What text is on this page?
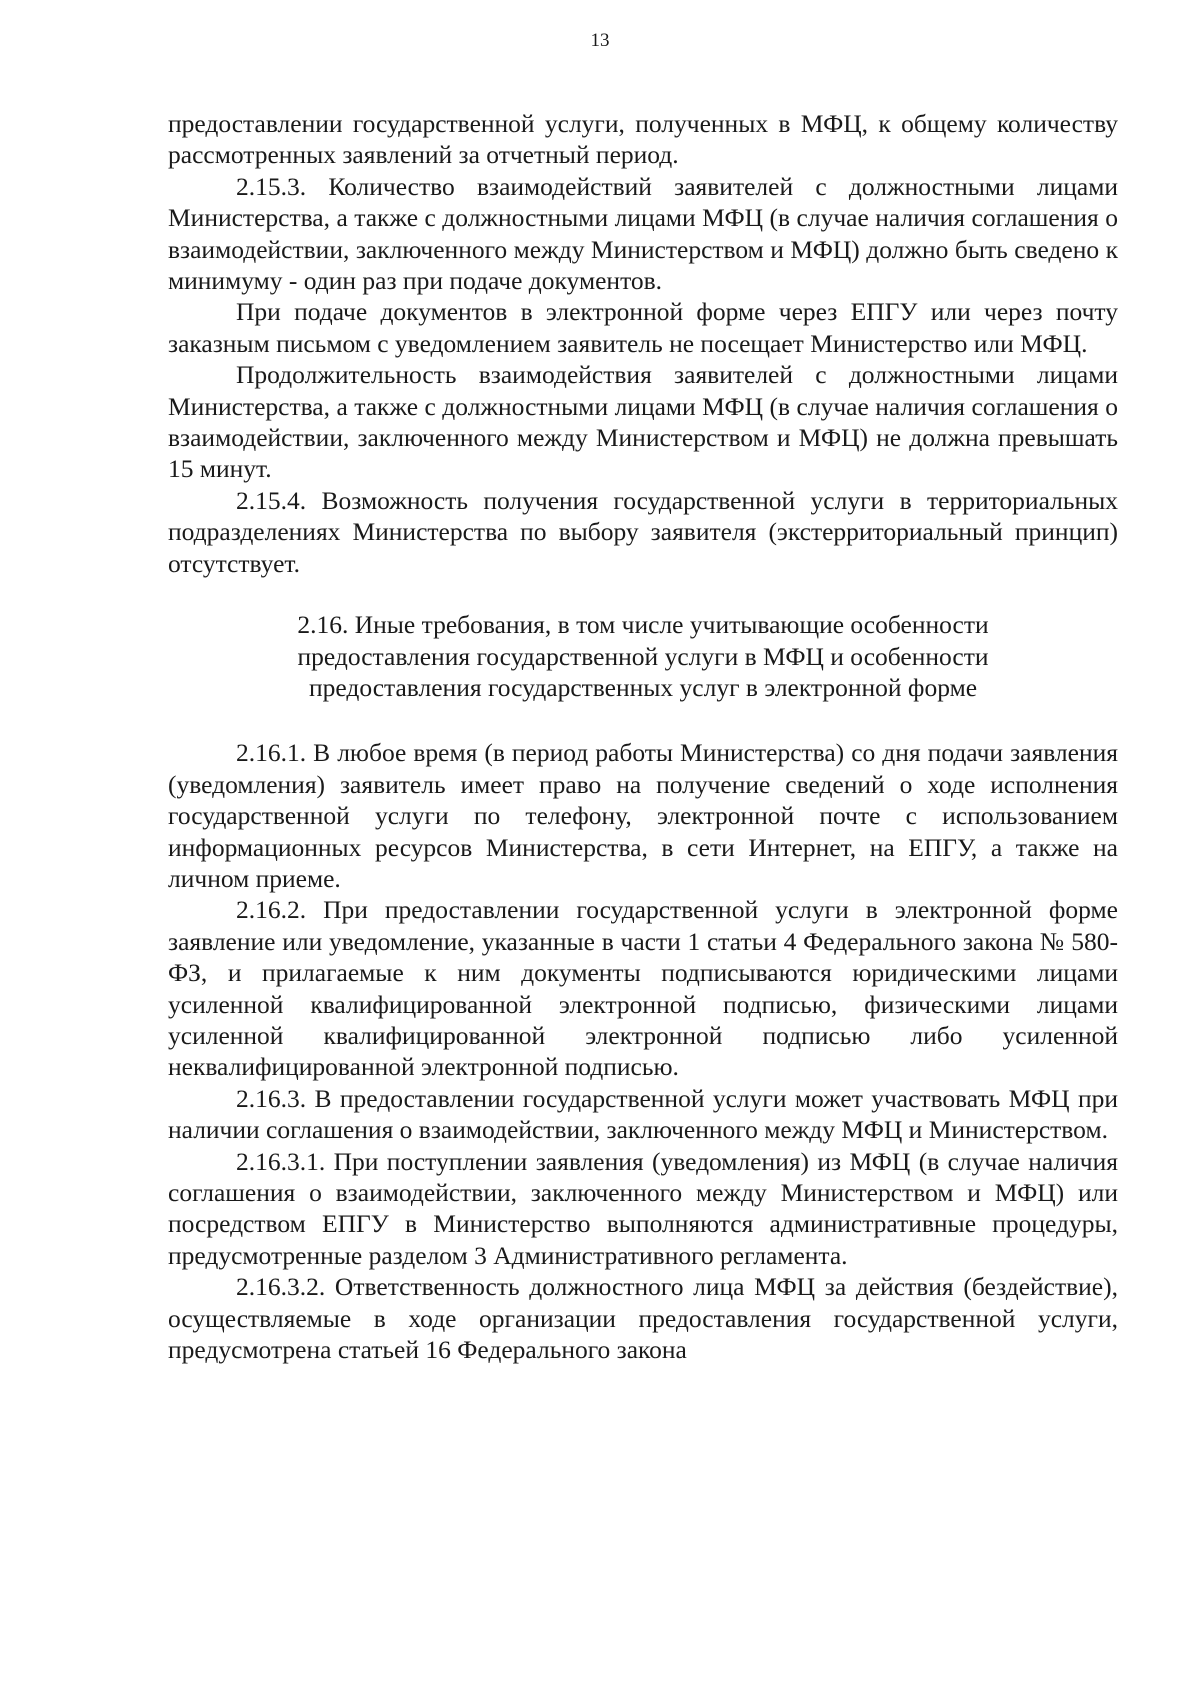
13

предоставлении государственной услуги, полученных в МФЦ, к общему количеству рассмотренных заявлений за отчетный период.

2.15.3. Количество взаимодействий заявителей с должностными лицами Министерства, а также с должностными лицами МФЦ (в случае наличия соглашения о взаимодействии, заключенного между Министерством и МФЦ) должно быть сведено к минимуму - один раз при подаче документов.

При подаче документов в электронной форме через ЕПГУ или через почту заказным письмом с уведомлением заявитель не посещает Министерство или МФЦ.

Продолжительность взаимодействия заявителей с должностными лицами Министерства, а также с должностными лицами МФЦ (в случае наличия соглашения о взаимодействии, заключенного между Министерством и МФЦ) не должна превышать 15 минут.

2.15.4. Возможность получения государственной услуги в территориальных подразделениях Министерства по выбору заявителя (экстерриториальный принцип) отсутствует.

2.16. Иные требования, в том числе учитывающие особенности
предоставления государственной услуги в МФЦ и особенности
предоставления государственных услуг в электронной форме

2.16.1. В любое время (в период работы Министерства) со дня подачи заявления (уведомления) заявитель имеет право на получение сведений о ходе исполнения государственной услуги по телефону, электронной почте с использованием информационных ресурсов Министерства, в сети Интернет, на ЕПГУ, а также на личном приеме.

2.16.2. При предоставлении государственной услуги в электронной форме заявление или уведомление, указанные в части 1 статьи 4 Федерального закона № 580-ФЗ, и прилагаемые к ним документы подписываются юридическими лицами усиленной квалифицированной электронной подписью, физическими лицами усиленной квалифицированной электронной подписью либо усиленной неквалифицированной электронной подписью.

2.16.3. В предоставлении государственной услуги может участвовать МФЦ при наличии соглашения о взаимодействии, заключенного между МФЦ и Министерством.

2.16.3.1. При поступлении заявления (уведомления) из МФЦ (в случае наличия соглашения о взаимодействии, заключенного между Министерством и МФЦ) или посредством ЕПГУ в Министерство выполняются административные процедуры, предусмотренные разделом 3 Административного регламента.

2.16.3.2. Ответственность должностного лица МФЦ за действия (бездействие), осуществляемые в ходе организации предоставления государственной услуги, предусмотрена статьей 16 Федерального закона
